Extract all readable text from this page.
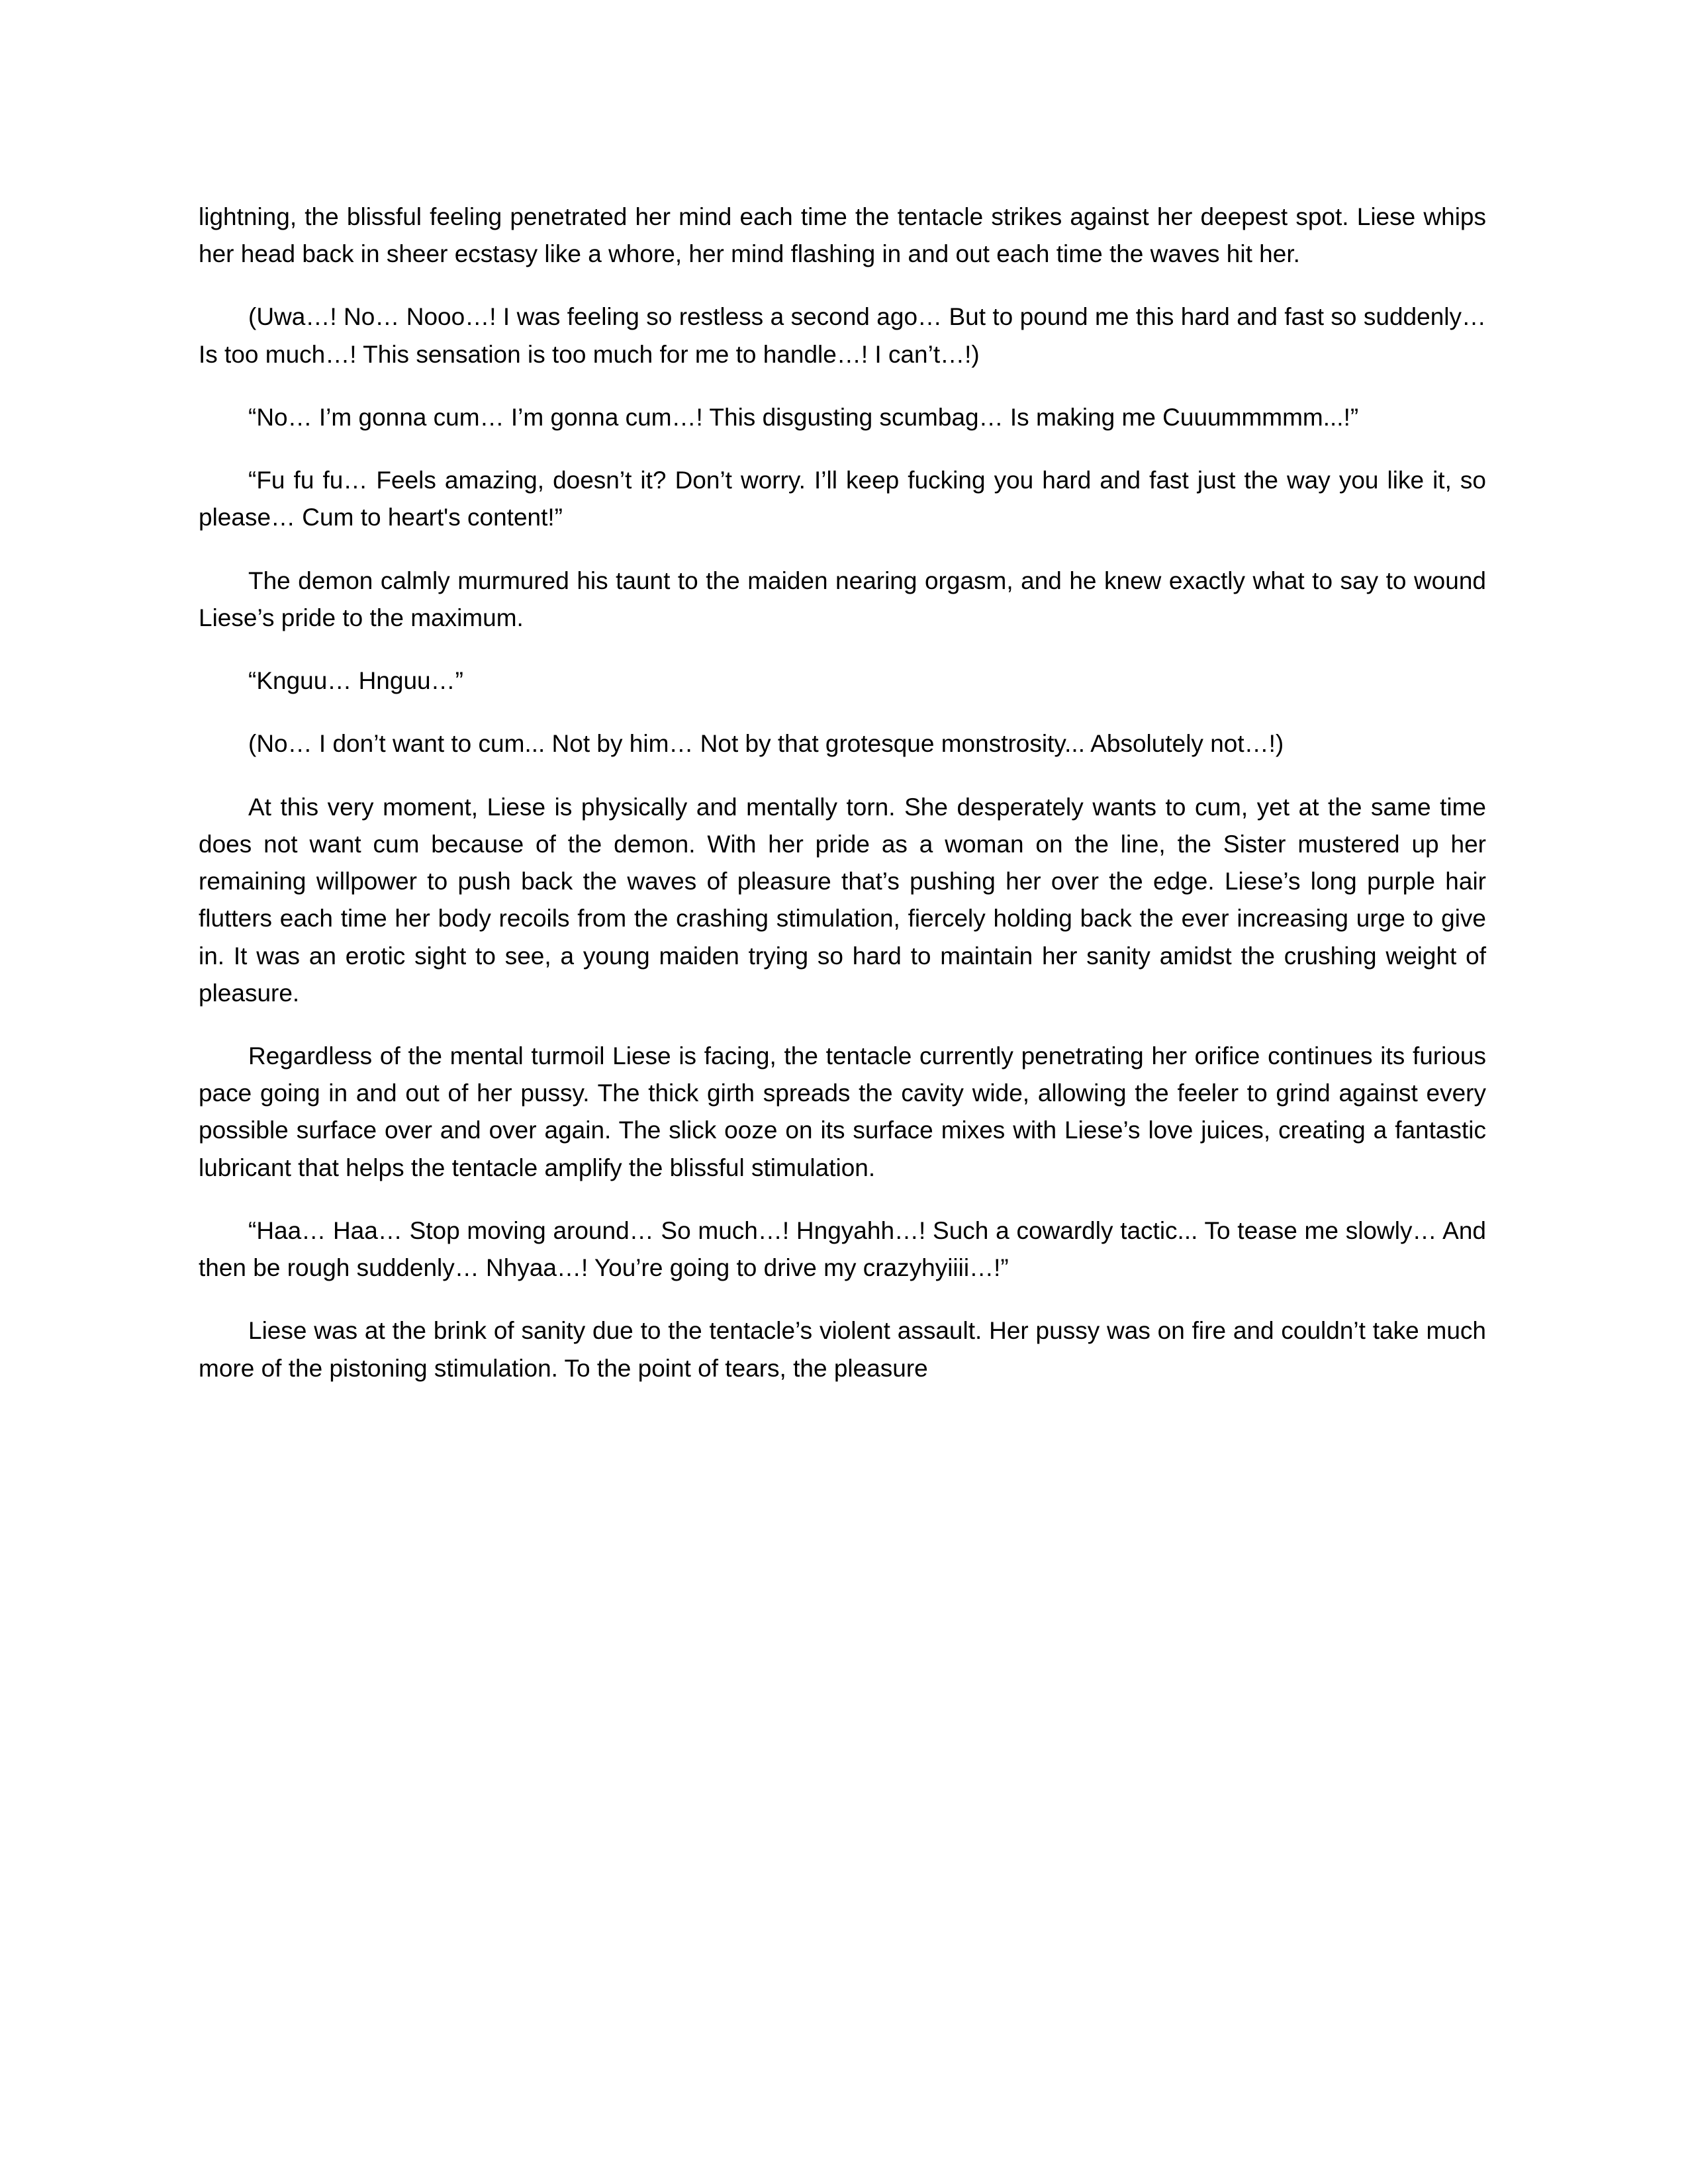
lightning, the blissful feeling penetrated her mind each time the tentacle strikes against her deepest spot. Liese whips her head back in sheer ecstasy like a whore, her mind flashing in and out each time the waves hit her.

(Uwa…! No… Nooo…! I was feeling so restless a second ago… But to pound me this hard and fast so suddenly… Is too much…! This sensation is too much for me to handle…! I can’t…!)

“No… I’m gonna cum… I’m gonna cum…! This disgusting scumbag… Is making me Cuuummmmm...!”

“Fu fu fu… Feels amazing, doesn’t it? Don’t worry. I’ll keep fucking you hard and fast just the way you like it, so please… Cum to heart's content!”

The demon calmly murmured his taunt to the maiden nearing orgasm, and he knew exactly what to say to wound Liese’s pride to the maximum.

“Knguu… Hnguu…”

(No… I don’t want to cum... Not by him… Not by that grotesque monstrosity... Absolutely not…!)

At this very moment, Liese is physically and mentally torn. She desperately wants to cum, yet at the same time does not want cum because of the demon. With her pride as a woman on the line, the Sister mustered up her remaining willpower to push back the waves of pleasure that’s pushing her over the edge. Liese’s long purple hair flutters each time her body recoils from the crashing stimulation, fiercely holding back the ever increasing urge to give in. It was an erotic sight to see, a young maiden trying so hard to maintain her sanity amidst the crushing weight of pleasure.

Regardless of the mental turmoil Liese is facing, the tentacle currently penetrating her orifice continues its furious pace going in and out of her pussy. The thick girth spreads the cavity wide, allowing the feeler to grind against every possible surface over and over again. The slick ooze on its surface mixes with Liese’s love juices, creating a fantastic lubricant that helps the tentacle amplify the blissful stimulation.

“Haa… Haa… Stop moving around… So much…! Hngyahh…! Such a cowardly tactic... To tease me slowly… And then be rough suddenly… Nhyaa…! You’re going to drive my crazyhyiiii…!”

Liese was at the brink of sanity due to the tentacle’s violent assault. Her pussy was on fire and couldn’t take much more of the pistoning stimulation. To the point of tears, the pleasure
